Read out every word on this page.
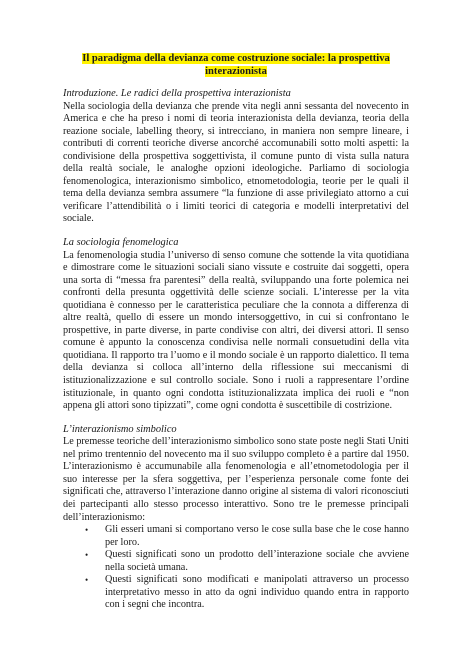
Il paradigma della devianza come costruzione sociale: la prospettiva interazionista
Introduzione. Le radici della prospettiva interazionista

Nella sociologia della devianza che prende vita negli anni sessanta del novecento in America e che ha preso i nomi di teoria interazionista della devianza, teoria della reazione sociale, labelling theory, si intrecciano, in maniera non sempre lineare, i contributi di correnti teoriche diverse ancorché accomunabili sotto molti aspetti: la condivisione della prospettiva soggettivista, il comune punto di vista sulla natura della realtà sociale, le analoghe opzioni ideologiche. Parliamo di sociologia fenomenologica, interazionismo simbolico, etnometodologia, teorie per le quali il tema della devianza sembra assumere “la funzione di asse privilegiato attorno a cui verificare l’attendibilità o i limiti teorici di categoria e modelli interpretativi del sociale.

La sociologia fenomelogica

La fenomenologia studia l’universo di senso comune che sottende la vita quotidiana e dimostrare come le situazioni sociali siano vissute e costruite dai soggetti, opera una sorta di “messa fra parentesi” della realtà, sviluppando una forte polemica nei confronti della presunta oggettività delle scienze sociali. L’interesse per la vita quotidiana è connesso per le caratteristica peculiare che la connota a differenza di altre realtà, quello di essere un mondo intersoggettivo, in cui si confrontano le prospettive, in parte diverse, in parte condivise con altri, dei diversi attori. Il senso comune è appunto la conoscenza condivisa nelle normali consuetudini della vita quotidiana. Il rapporto tra l’uomo e il mondo sociale è un rapporto dialettico. Il tema della devianza si colloca all’interno della riflessione sui meccanismi di istituzionalizzazione e sul controllo sociale. Sono i ruoli a rappresentare l’ordine istituzionale, in quanto ogni condotta istituzionalizzata implica dei ruoli e “non appena gli attori sono tipizzati”, come ogni condotta è suscettibile di costrizione.

L’interazionismo simbolico

Le premesse teoriche dell’interazionismo simbolico sono state poste negli Stati Uniti nel primo trentennio del novecento ma il suo sviluppo completo è a partire dal 1950. L’interazionismo è accumunabile alla fenomenologia e all’etnometodologia per il suo interesse per la sfera soggettiva, per l’esperienza personale come fonte dei significati che, attraverso l’interazione danno origine al sistema di valori riconosciuti dei partecipanti allo stesso processo interattivo. Sono tre le premesse principali dell’interazionismo:

• Gli esseri umani si comportano verso le cose sulla base che le cose hanno per loro.
• Questi significati sono un prodotto dell’interazione sociale che avviene nella società umana.
• Questi significati sono modificati e manipolati attraverso un processo interpretativo messo in atto da ogni individuo quando entra in rapporto con i segni che incontra.
